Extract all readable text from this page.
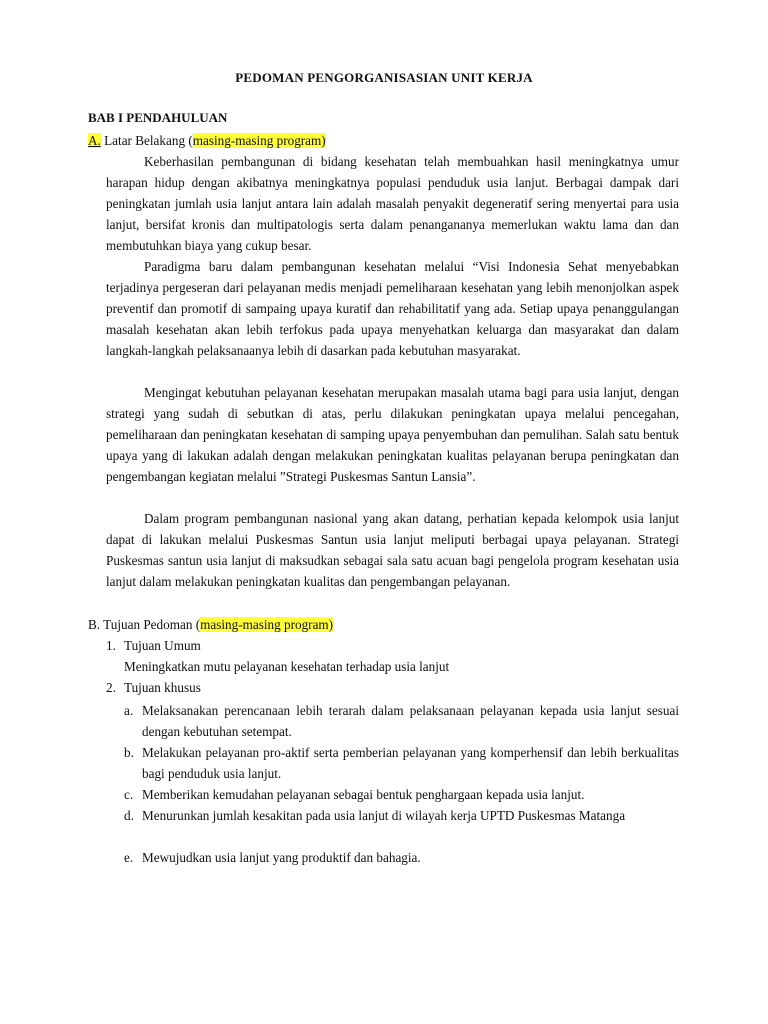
PEDOMAN PENGORGANISASIAN UNIT KERJA
BAB I PENDAHULUAN
A. Latar Belakang (masing-masing program)
Keberhasilan pembangunan di bidang kesehatan telah membuahkan hasil meningkatnya umur harapan hidup dengan akibatnya meningkatnya populasi penduduk usia lanjut. Berbagai dampak dari peningkatan jumlah usia lanjut antara lain adalah masalah penyakit degeneratif sering menyertai para usia lanjut, bersifat kronis dan multipatologis serta dalam penangananya memerlukan waktu lama dan dan membutuhkan biaya yang cukup besar.
Paradigma baru dalam pembangunan kesehatan melalui “Visi Indonesia Sehat menyebabkan terjadinya pergeseran dari pelayanan medis menjadi pemeliharaan kesehatan yang lebih menonjolkan aspek preventif dan promotif di sampaing upaya kuratif dan rehabilitatif yang ada. Setiap upaya penanggulangan masalah kesehatan akan lebih terfokus pada upaya menyehatkan keluarga dan masyarakat dan dalam langkah-langkah pelaksanaanya lebih di dasarkan pada kebutuhan masyarakat.
Mengingat kebutuhan pelayanan kesehatan merupakan masalah utama bagi para usia lanjut, dengan strategi yang sudah di sebutkan di atas, perlu dilakukan peningkatan upaya melalui pencegahan, pemeliharaan dan peningkatan kesehatan di samping upaya penyembuhan dan pemulihan. Salah satu bentuk upaya yang di lakukan adalah dengan melakukan peningkatan kualitas pelayanan berupa peningkatan dan pengembangan kegiatan melalui ”Strategi Puskesmas Santun Lansia”.
Dalam program pembangunan nasional yang akan datang, perhatian kepada kelompok usia lanjut dapat di lakukan melalui Puskesmas Santun usia lanjut meliputi berbagai upaya pelayanan. Strategi Puskesmas santun usia lanjut di maksudkan sebagai sala satu acuan bagi pengelola program kesehatan usia lanjut dalam melakukan peningkatan kualitas dan pengembangan pelayanan.
B. Tujuan Pedoman (masing-masing program)
1. Tujuan Umum
Meningkatkan mutu pelayanan kesehatan terhadap usia lanjut
2. Tujuan khusus
a. Melaksanakan perencanaan lebih terarah dalam pelaksanaan pelayanan kepada usia lanjut sesuai dengan kebutuhan setempat.
b. Melakukan pelayanan pro-aktif serta pemberian pelayanan yang komperhensif dan lebih berkualitas bagi penduduk usia lanjut.
c. Memberikan kemudahan pelayanan sebagai bentuk penghargaan kepada usia lanjut.
d. Menurunkan jumlah kesakitan pada usia lanjut di wilayah kerja UPTD Puskesmas Matanga
e. Mewujudkan usia lanjut yang produktif dan bahagia.
